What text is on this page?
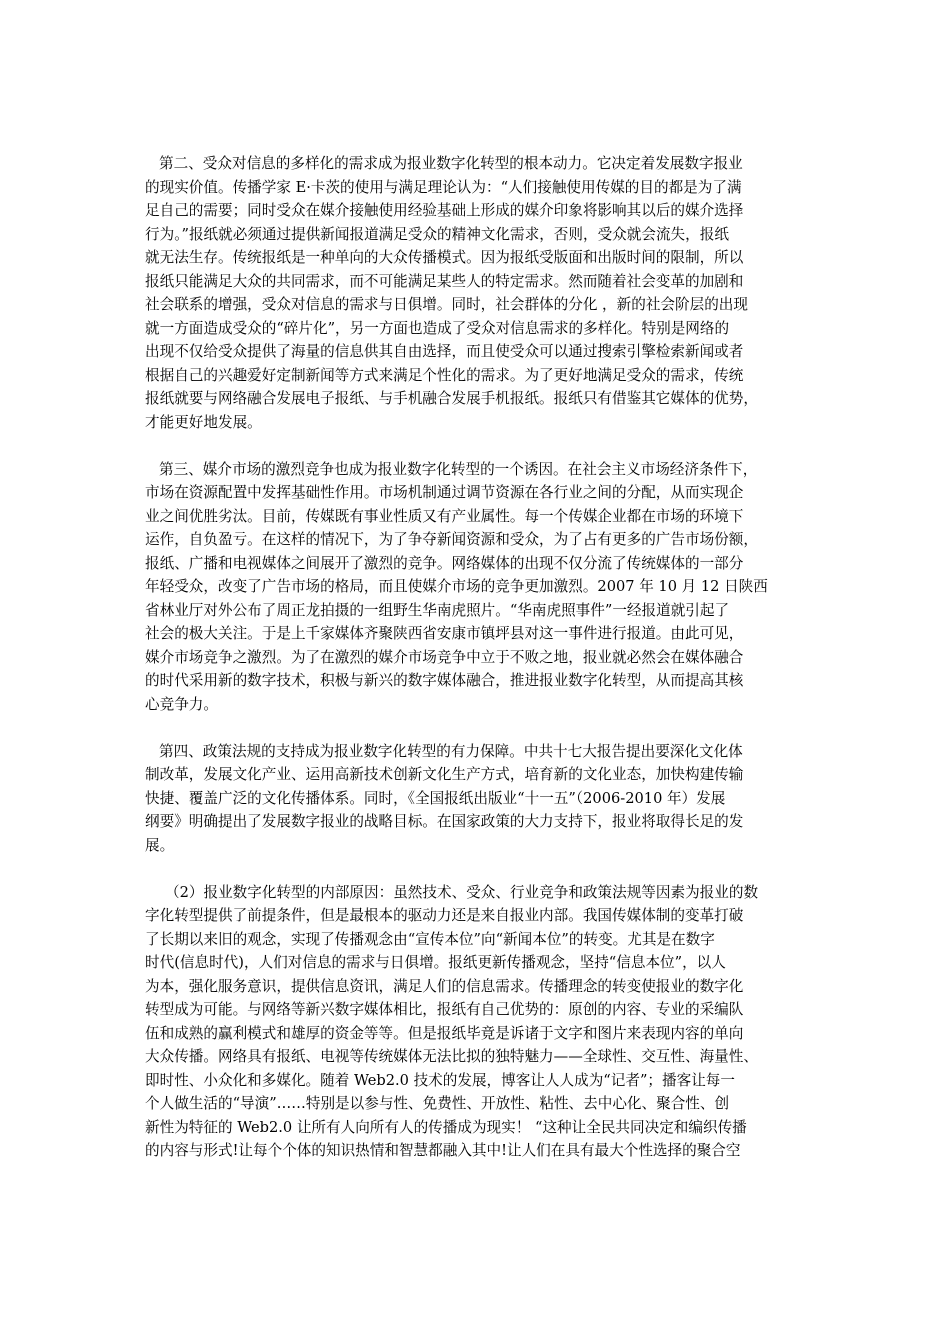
第二、受众对信息的多样化的需求成为报业数字化转型的根本动力。它决定着发展数字报业
的现实价值。传播学家 E·卡茨的使用与满足理论认为：“人们接触使用传媒的目的都是为了满
足自己的需要；同时受众在媒介接触使用经验基础上形成的媒介印象将影响其以后的媒介选择
行为。”报纸就必须通过提供新闻报道满足受众的精神文化需求，否则，受众就会流失，报纸
就无法生存。传统报纸是一种单向的大众传播模式。因为报纸受版面和出版时间的限制，所以
报纸只能满足大众的共同需求，而不可能满足某些人的特定需求。然而随着社会变革的加剧和
社会联系的增强，受众对信息的需求与日俱增。同时，社会群体的分化 ，新的社会阶层的出现
就一方面造成受众的“碎片化”，另一方面也造成了受众对信息需求的多样化。特别是网络的
出现不仅给受众提供了海量的信息供其自由选择，而且使受众可以通过搜索引擎检索新闻或者
根据自己的兴趣爱好定制新闻等方式来满足个性化的需求。为了更好地满足受众的需求，传统
报纸就要与网络融合发展电子报纸、与手机融合发展手机报纸。报纸只有借鉴其它媒体的优势，
才能更好地发展。
第三、媒介市场的激烈竞争也成为报业数字化转型的一个诱因。在社会主义市场经济条件下，
市场在资源配置中发挥基础性作用。市场机制通过调节资源在各行业之间的分配，从而实现企
业之间优胜劣汰。目前，传媒既有事业性质又有产业属性。每一个传媒企业都在市场的环境下
运作，自负盈亏。在这样的情况下，为了争夺新闻资源和受众，为了占有更多的广告市场份额，
报纸、广播和电视媒体之间展开了激烈的竞争。网络媒体的出现不仅分流了传统媒体的一部分
年轻受众，改变了广告市场的格局，而且使媒介市场的竞争更加激烈。2007 年 10 月 12 日陕西
省林业厅对外公布了周正龙拍摄的一组野生华南虎照片。“华南虎照事件”一经报道就引起了
社会的极大关注。于是上千家媒体齐聚陕西省安康市镇坪县对这一事件进行报道。由此可见，
媒介市场竞争之激烈。为了在激烈的媒介市场竞争中立于不败之地，报业就必然会在媒体融合
的时代采用新的数字技术，积极与新兴的数字媒体融合，推进报业数字化转型，从而提高其核
心竞争力。
第四、政策法规的支持成为报业数字化转型的有力保障。中共十七大报告提出要深化文化体
制改革，发展文化产业、运用高新技术创新文化生产方式，培育新的文化业态，加快构建传输
快捷、覆盖广泛的文化传播体系。同时，《全国报纸出版业“十一五”（2006-2010 年）发展
纲要》明确提出了发展数字报业的战略目标。在国家政策的大力支持下，报业将取得长足的发
展。
（2）报业数字化转型的内部原因：虽然技术、受众、行业竞争和政策法规等因素为报业的数
字化转型提供了前提条件，但是最根本的驱动力还是来自报业内部。我国传媒体制的变革打破
了长期以来旧的观念，实现了传播观念由“宣传本位”向“新闻本位”的转变。尤其是在数字
时代(信息时代)，人们对信息的需求与日俱增。报纸更新传播观念，坚持“信息本位”，以人
为本，强化服务意识，提供信息资讯，满足人们的信息需求。传播理念的转变使报业的数字化
转型成为可能。与网络等新兴数字媒体相比，报纸有自己优势的：原创的内容、专业的采编队
伍和成熟的赢利模式和雄厚的资金等等。但是报纸毕竟是诉诸于文字和图片来表现内容的单向
大众传播。网络具有报纸、电视等传统媒体无法比拟的独特魅力——全球性、交互性、海量性、
即时性、小众化和多媒化。随着 Web2.0 技术的发展，博客让人人成为“记者”；播客让每一
个人做生活的“导演”……特别是以参与性、免费性、开放性、粘性、去中心化、聚合性、创
新性为特征的 Web2.0 让所有人向所有人的传播成为现实！ “这种让全民共同决定和编织传播
的内容与形式!让每个个体的知识热情和智慧都融入其中!让人们在具有最大个性选择的聚合空
